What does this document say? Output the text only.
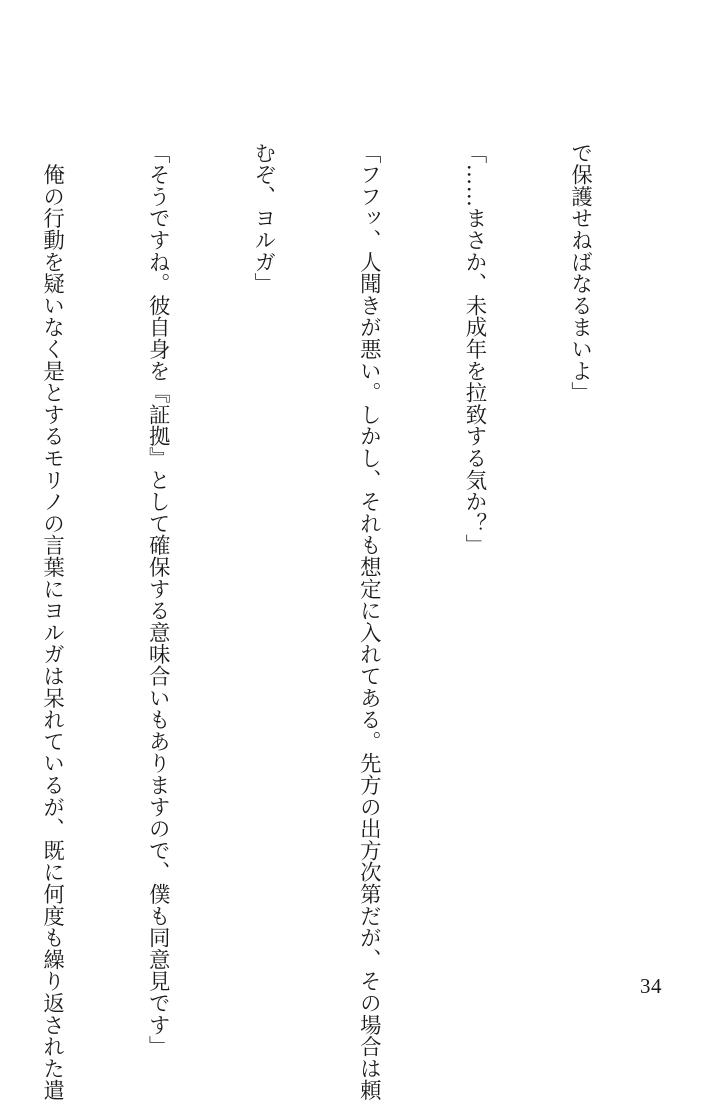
で保護せねばなるまいよ」

「……まさか、未成年を拉致する気か？」

「フフッ、人聞きが悪い。しかし、それも想定に入れてある。先方の出方次第だが、その場合は頼

むぞ、ヨルガ」

「そうですね。彼自身を『証拠』として確保する意味合いもありますので、僕も同意見です」

　俺の行動を疑いなく是とするモリノの言葉にヨルガは呆れているが、既に何度も繰り返された遣

	34
